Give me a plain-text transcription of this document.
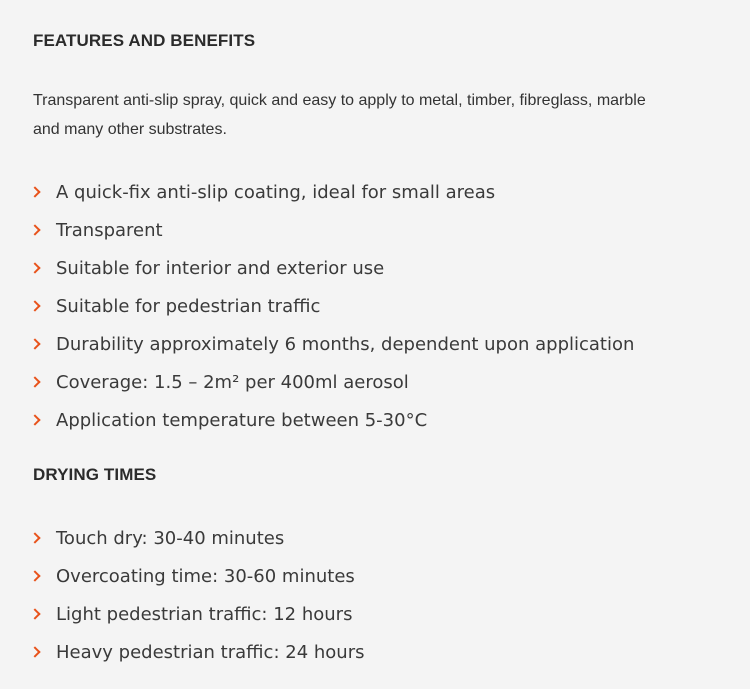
FEATURES AND BENEFITS

Transparent anti-slip spray, quick and easy to apply to metal, timber, fibreglass, marble and many other substrates.

A quick-fix anti-slip coating, ideal for small areas
Transparent
Suitable for interior and exterior use
Suitable for pedestrian traffic
Durability approximately 6 months, dependent upon application
Coverage: 1.5 – 2m² per 400ml aerosol
Application temperature between 5-30°C
DRYING TIMES
Touch dry: 30-40 minutes
Overcoating time: 30-60 minutes
Light pedestrian traffic: 12 hours
Heavy pedestrian traffic: 24 hours
